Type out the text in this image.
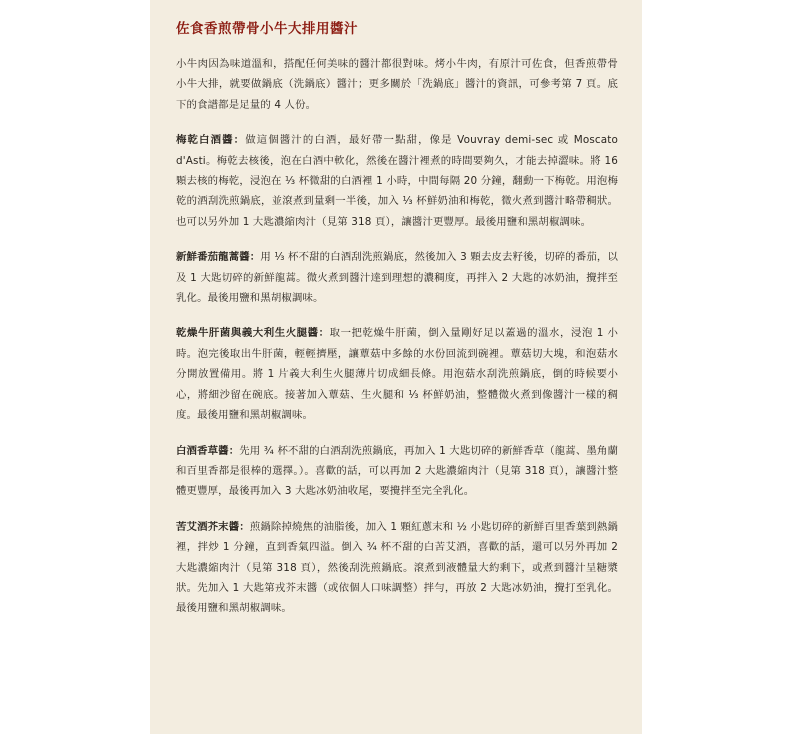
佐食香煎帶骨小牛大排用醬汁

小牛肉因為味道溫和，搭配任何美味的醬汁都很對味。烤小牛肉，有原汁可佐食，但香煎帶骨小牛大排，就要做鍋底（洗鍋底）醬汁；更多關於「洗鍋底」醬汁的資訊，可參考第 7 頁。底下的食譜都是足量的 4 人份。

梅乾白酒醬：做這個醬汁的白酒，最好帶一點甜，像是 Vouvray demi-sec 或 Moscato d'Asti。梅乾去核後，泡在白酒中軟化，然後在醬汁裡煮的時間要夠久，才能去掉澀味。將 16 顆去核的梅乾，浸泡在 ⅓ 杯微甜的白酒裡 1 小時，中間每隔 20 分鐘，翻動一下梅乾。用泡梅乾的酒刮洗煎鍋底，並滾煮到量剩一半後，加入 ⅓ 杯鮮奶油和梅乾，微火煮到醬汁略帶稠狀。也可以另外加 1 大匙濃縮肉汁（見第 318 頁），讓醬汁更豐厚。最後用鹽和黑胡椒調味。

新鮮番茄龍蒿醬：用 ⅓ 杯不甜的白酒刮洗煎鍋底，然後加入 3 顆去皮去籽後，切碎的番茄，以及 1 大匙切碎的新鮮龍蒿。微火煮到醬汁達到理想的濃稠度，再拌入 2 大匙的冰奶油，攪拌至乳化。最後用鹽和黑胡椒調味。

乾燥牛肝菌與義大利生火腿醬：取一把乾燥牛肝菌，倒入量剛好足以蓋過的溫水，浸泡 1 小時。泡完後取出牛肝菌，輕輕擠壓，讓蕈菇中多餘的水份回流到碗裡。蕈菇切大塊，和泡菇水分開放置備用。將 1 片義大利生火腿薄片切成細長條。用泡菇水刮洗煎鍋底，倒的時候要小心，將細沙留在碗底。接著加入蕈菇、生火腿和 ⅓ 杯鮮奶油，整體微火煮到像醬汁一樣的稠度。最後用鹽和黑胡椒調味。

白酒香草醬：先用 ¾ 杯不甜的白酒刮洗煎鍋底，再加入 1 大匙切碎的新鮮香草（龍蒿、墨角蘭和百里香都是很棒的選擇。）。喜歡的話，可以再加 2 大匙濃縮肉汁（見第 318 頁），讓醬汁整體更豐厚，最後再加入 3 大匙冰奶油收尾，要攪拌至完全乳化。

苦艾酒芥末醬：煎鍋除掉燒焦的油脂後，加入 1 顆紅蔥末和 ½ 小匙切碎的新鮮百里香葉到熱鍋裡，拌炒 1 分鐘，直到香氣四溢。倒入 ¾ 杯不甜的白苦艾酒，喜歡的話，還可以另外再加 2 大匙濃縮肉汁（見第 318 頁），然後刮洗煎鍋底。滾煮到液體量大約剩下，或煮到醬汁呈糖漿狀。先加入 1 大匙第戎芥末醬（或依個人口味調整）拌勻，再放 2 大匙冰奶油，攪打至乳化。最後用鹽和黑胡椒調味。
